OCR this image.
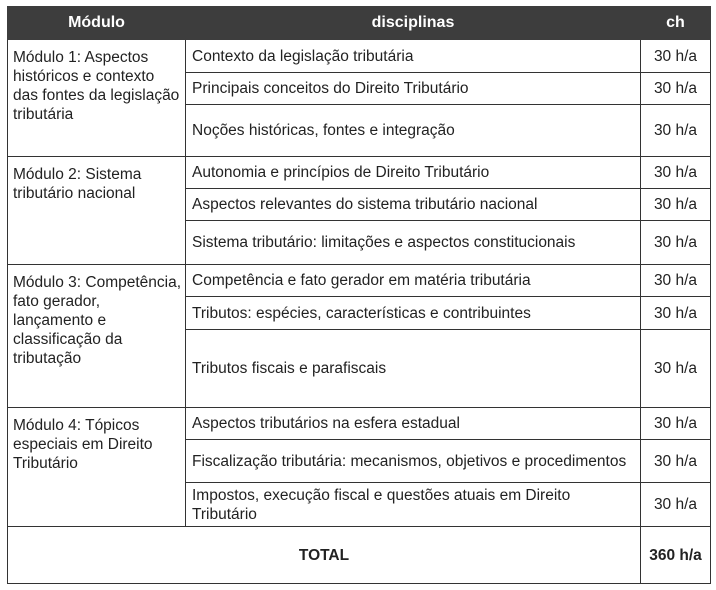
Módulo	disciplinas	ch
Módulo 1: Aspectos históricos e contexto das fontes da legislação tributária	Contexto da legislação tributária	30 h/a
	Principais conceitos do Direito Tributário	30 h/a
	Noções históricas, fontes e integração	30 h/a
Módulo 2: Sistema tributário nacional	Autonomia e princípios de Direito Tributário	30 h/a
	Aspectos relevantes do sistema tributário nacional	30 h/a
	Sistema tributário: limitações e aspectos constitucionais	30 h/a
Módulo 3: Competência, fato gerador, lançamento e classificação da tributação	Competência e fato gerador em matéria tributária	30 h/a
	Tributos: espécies, características e contribuintes	30 h/a
	Tributos fiscais e parafiscais	30 h/a
Módulo 4: Tópicos especiais em Direito Tributário	Aspectos tributários na esfera estadual	30 h/a
	Fiscalização tributária: mecanismos, objetivos e procedimentos	30 h/a
	Impostos, execução fiscal e questões atuais em Direito Tributário	30 h/a
TOTAL		360 h/a
